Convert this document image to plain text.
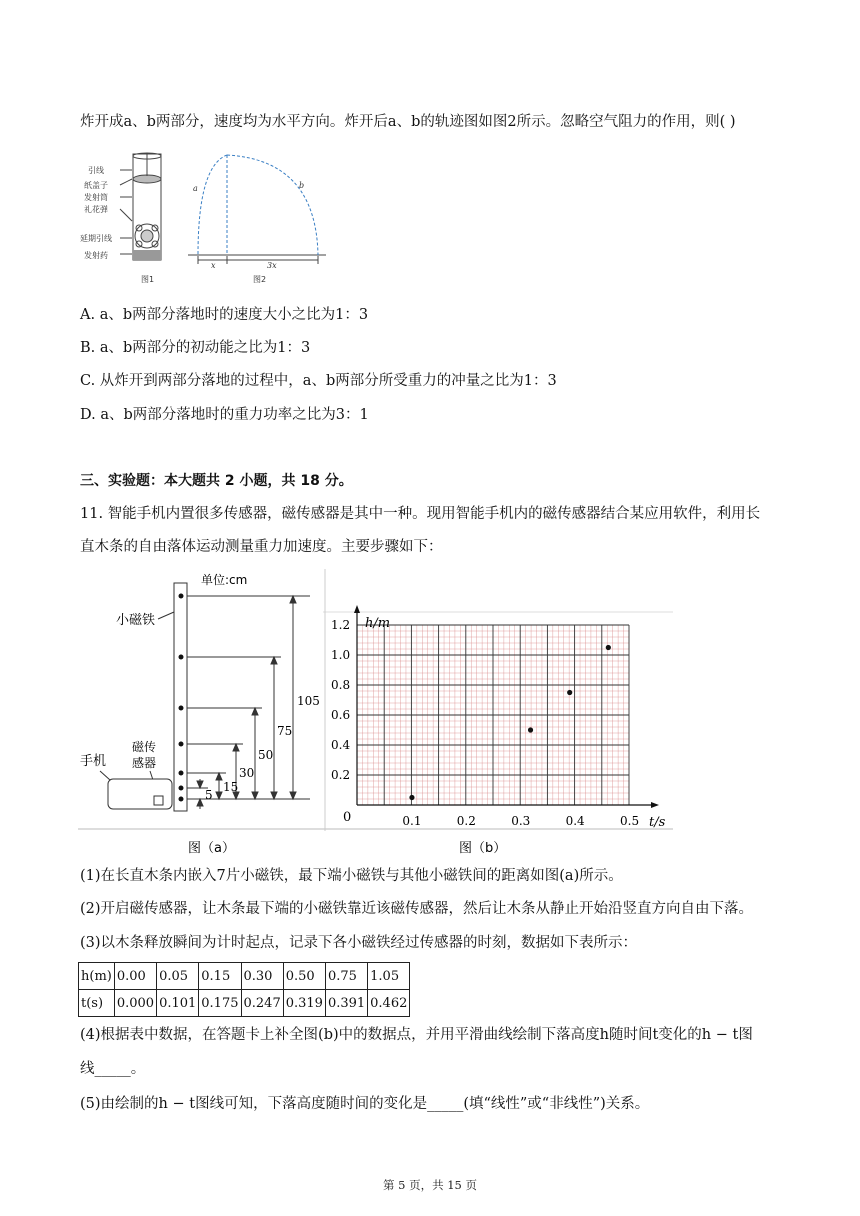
炸开成a、b两部分，速度均为水平方向。炸开后a、b的轨迹图如图2所示。忽略空气阻力的作用，则( )
引线
纸盖子
发射筒
礼花弹
延期引线
发射药
图1
a	b
x	3x
图2
A. a、b两部分落地时的速度大小之比为1：3
B. a、b两部分的初动能之比为1：3
C. 从炸开到两部分落地的过程中，a、b两部分所受重力的冲量之比为1：3
D. a、b两部分落地时的重力功率之比为3：1
三、实验题：本大题共 2 小题，共 18 分。
11. 智能手机内置很多传感器，磁传感器是其中一种。现用智能手机内的磁传感器结合某应用软件，利用长
直木条的自由落体运动测量重力加速度。主要步骤如下：
105
75
50
30
15
5
单位:cm
小磁铁
磁传
感器
手机
图（a）
0.2
0.4
0.6
0.8
1.0
1.2
0.1	0.2	0.3	0.4	0.5
h/m
t/s
0
图（b）
(1)在长直木条内嵌入7片小磁铁，最下端小磁铁与其他小磁铁间的距离如图(a)所示。
(2)开启磁传感器，让木条最下端的小磁铁靠近该磁传感器，然后让木条从静止开始沿竖直方向自由下落。
(3)以木条释放瞬间为计时起点，记录下各小磁铁经过传感器的时刻，数据如下表所示：
h(m)	0.00	0.05	0.15	0.30	0.50	0.75	1.05
t(s)	0.000	0.101	0.175	0.247	0.319	0.391	0.462
(4)根据表中数据，在答题卡上补全图(b)中的数据点，并用平滑曲线绘制下落高度h随时间t变化的h − t图
线_____。
(5)由绘制的h − t图线可知，下落高度随时间的变化是_____(填“线性”或“非线性”)关系。
第 5 页，共 15 页
